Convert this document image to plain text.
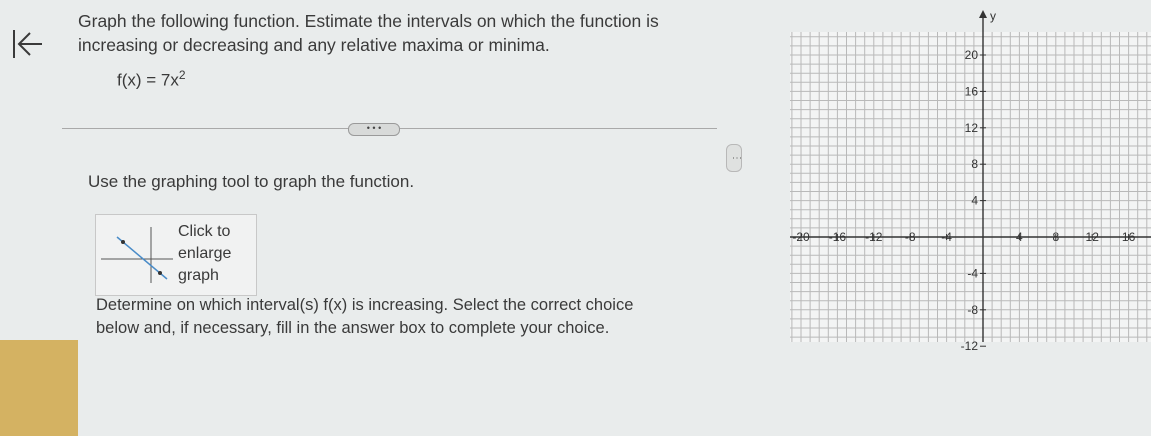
Graph the following function. Estimate the intervals on which the function is
increasing or decreasing and any relative maxima or minima.
$f(x) = 7x^2$
• • •
⋮
Use the graphing tool to graph the function.
Click to
enlarge
graph
Determine on which interval(s) f(x) is increasing. Select the correct choice
below and, if necessary, fill in the answer box to complete your choice.
y
-20 -16 -12 -8 -4	4 8 12 16
20
16
12
8
4
-4
-8
-12
